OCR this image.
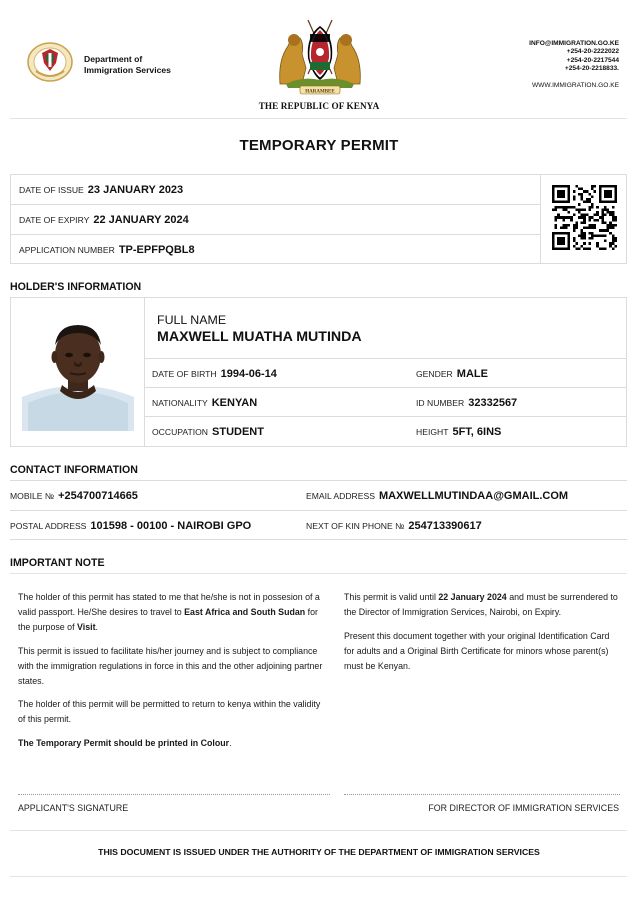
Department of
Immigration Services
HARAMBEE
THE REPUBLIC OF KENYA
INFO@IMMIGRATION.GO.KE
+254-20-2222022
+254-20-2217544
+254-20-2218833.
WWW.IMMIGRATION.GO.KE
TEMPORARY PERMIT
DATE OF ISSUE 23 JANUARY 2023
DATE OF EXPIRY 22 JANUARY 2024
APPLICATION NUMBER TP-EPFPQBL8
HOLDER'S INFORMATION
FULL NAME
MAXWELL MUATHA MUTINDA
DATE OF BIRTH 1994-06-14	GENDER MALE
NATIONALITY KENYAN	ID NUMBER 32332567
OCCUPATION STUDENT	HEIGHT 5FT, 6INS
CONTACT INFORMATION
MOBILE № +254700714665	EMAIL ADDRESS MAXWELLMUTINDAA@GMAIL.COM
POSTAL ADDRESS 101598 - 00100 - NAIROBI GPO	NEXT OF KIN PHONE № 254713390617
IMPORTANT NOTE

The holder of this permit has stated to me that he/she is not in possesion of a valid passport. He/She desires to travel to East Africa and South Sudan for the purpose of Visit.

This permit is issued to facilitate his/her journey and is subject to compliance with the immigration regulations in force in this and the other adjoining partner states.

The holder of this permit will be permitted to return to kenya within the validity of this permit.

The Temporary Permit should be printed in Colour.

This permit is valid until 22 January 2024 and must be surrendered to the Director of Immigration Services, Nairobi, on Expiry.

Present this document together with your original Identification Card for adults and a Original Birth Certificate for minors whose parent(s) must be Kenyan.

APPLICANT'S SIGNATURE	FOR DIRECTOR OF IMMIGRATION SERVICES
THIS DOCUMENT IS ISSUED UNDER THE AUTHORITY OF THE DEPARTMENT OF IMMIGRATION SERVICES
